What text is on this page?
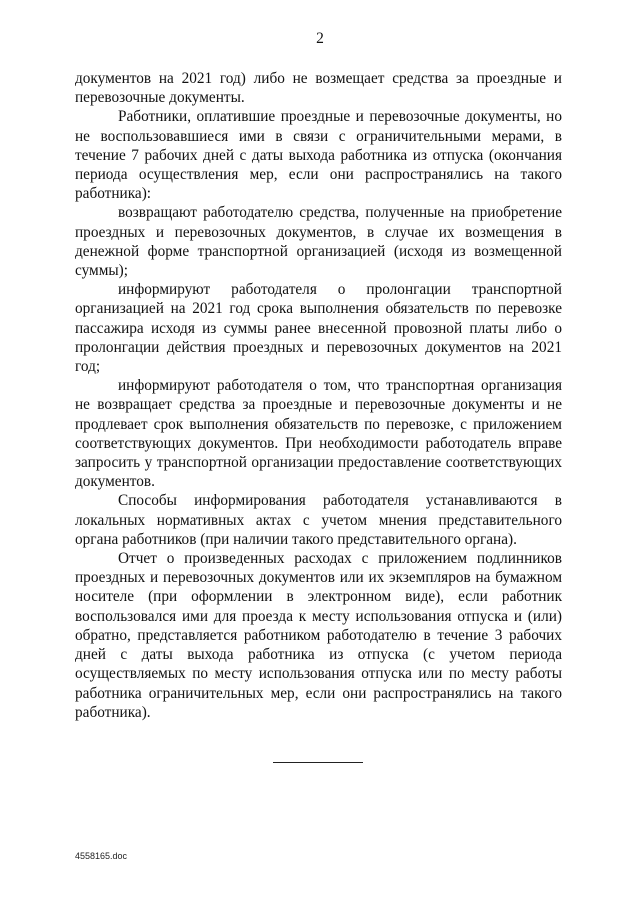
2

документов на 2021 год) либо не возмещает средства за проездные и перевозочные документы.

Работники, оплатившие проездные и перевозочные документы, но не воспользовавшиеся ими в связи с ограничительными мерами, в течение 7 рабочих дней с даты выхода работника из отпуска (окончания периода осуществления мер, если они распространялись на такого работника):

возвращают работодателю средства, полученные на приобретение проездных и перевозочных документов, в случае их возмещения в денежной форме транспортной организацией (исходя из возмещенной суммы);

информируют работодателя о пролонгации транспортной организацией на 2021 год срока выполнения обязательств по перевозке пассажира исходя из суммы ранее внесенной провозной платы либо о пролонгации действия проездных и перевозочных документов на 2021 год;

информируют работодателя о том, что транспортная организация не возвращает средства за проездные и перевозочные документы и не продлевает срок выполнения обязательств по перевозке, с приложением соответствующих документов. При необходимости работодатель вправе запросить у транспортной организации предоставление соответствующих документов.

Способы информирования работодателя устанавливаются в локальных нормативных актах с учетом мнения представительного органа работников (при наличии такого представительного органа).

Отчет о произведенных расходах с приложением подлинников проездных и перевозочных документов или их экземпляров на бумажном носителе (при оформлении в электронном виде), если работник воспользовался ими для проезда к месту использования отпуска и (или) обратно, представляется работником работодателю в течение 3 рабочих дней с даты выхода работника из отпуска (с учетом периода осуществляемых по месту использования отпуска или по месту работы работника ограничительных мер, если они распространялись на такого работника).

4558165.doc
